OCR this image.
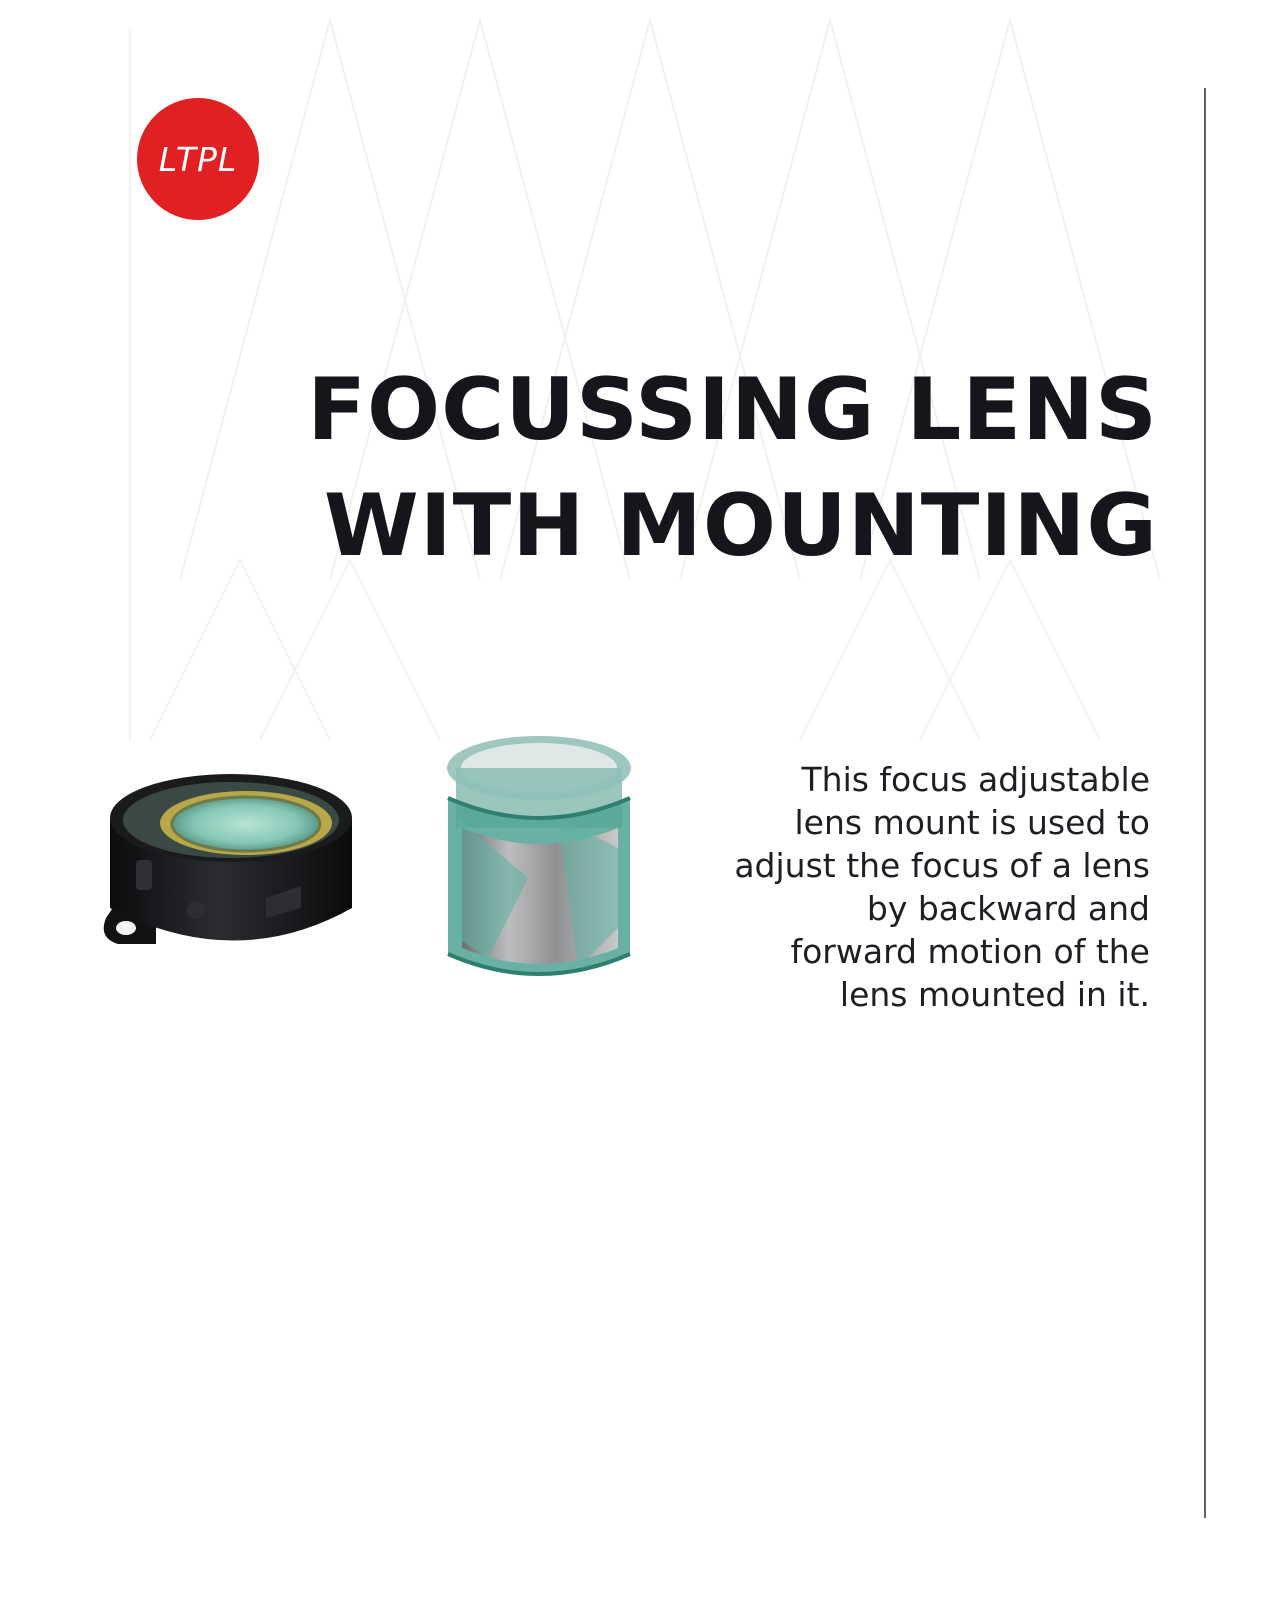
LTPL
FOCUSSING LENS
WITH MOUNTING

This focus adjustable
lens mount is used to
adjust the focus of a lens
by backward and
forward motion of the
lens mounted in it.
